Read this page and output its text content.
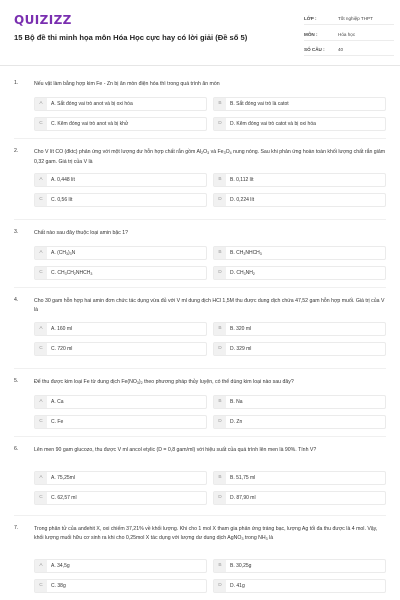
QUIZIZZ
15 Bộ đề thi minh họa môn Hóa Học cực hay có lời giải (Đề số 5)
LỚP :	Tốt nghiệp THPT
MÔN :	Hóa học
SỐ CÂU :	40
1.	Nếu vật làm bằng hợp kim Fe - Zn bị ăn mòn điện hóa thì trong quá trình ăn mòn
A	A. Sắt đóng vai trò anot và bị oxi hóa	B	B. Sắt đóng vai trò là catot
C	C. Kẽm đóng vai trò anot và bị khử	D	D. Kẽm đóng vai trò catot và bị oxi hóa
2.	Cho V lít CO (đktc) phản ứng với một lượng dư hỗn hợp chất rắn gồm $Al_2O_3$ và $Fe_3O_4$ nung nóng. Sau khi phản ứng hoàn toàn khối lượng chất rắn giảm 0,32 gam. Giá trị của V là
A	A. 0,448 lít	B	B. 0,112 lít
C	C. 0,56 lít	D	D. 0,224 lít
3.	Chất nào sau đây thuộc loại amin bậc 1?
A	A. $(CH_3)_3N$	B	B. $CH_3NHCH_3$
C	C. $CH_3CH_2NHCH_3$	D	D. $CH_3NH_2$
4.	Cho 30 gam hỗn hợp hai amin đơn chức tác dụng vừa đủ với V ml dung dịch HCl 1,5M thu được dung dịch chứa 47,52 gam hỗn hợp muối. Giá trị của V là
A	A. 160 ml	B	B. 320 ml
C	C. 720 ml	D	D. 329 ml
5.	Để thu được kim loại Fe từ dung dịch $Fe(NO_3)_2$ theo phương pháp thủy luyện, có thể dùng kim loại nào sau đây?
A	A. Ca	B	B. Na
C	C. Fe	D	D. Zn
6.	Lên men 90 gam glucozo, thu được V ml ancol etylic (D = 0,8 gam/ml) với hiệu suất của quá trình lên men là 90%. Tính V?
A	A. 75,25ml	B	B. 51,75 ml
C	C. 62,57 ml	D	D. 87,90 ml
7.	Trong phân tử của anđehit X, oxi chiếm 37,21% về khối lượng. Khi cho 1 mol X tham gia phản ứng tráng bạc, lượng Ag tối đa thu được là 4 mol. Vậy, khối lượng muối hữu cơ sinh ra khi cho 0,25mol X tác dụng với lượng dư dung dịch AgNO$_3$ trong $NH_3$ là
A	A. 34,5g	B	B. 30,25g
C	C. 38g	D	D. 41g
